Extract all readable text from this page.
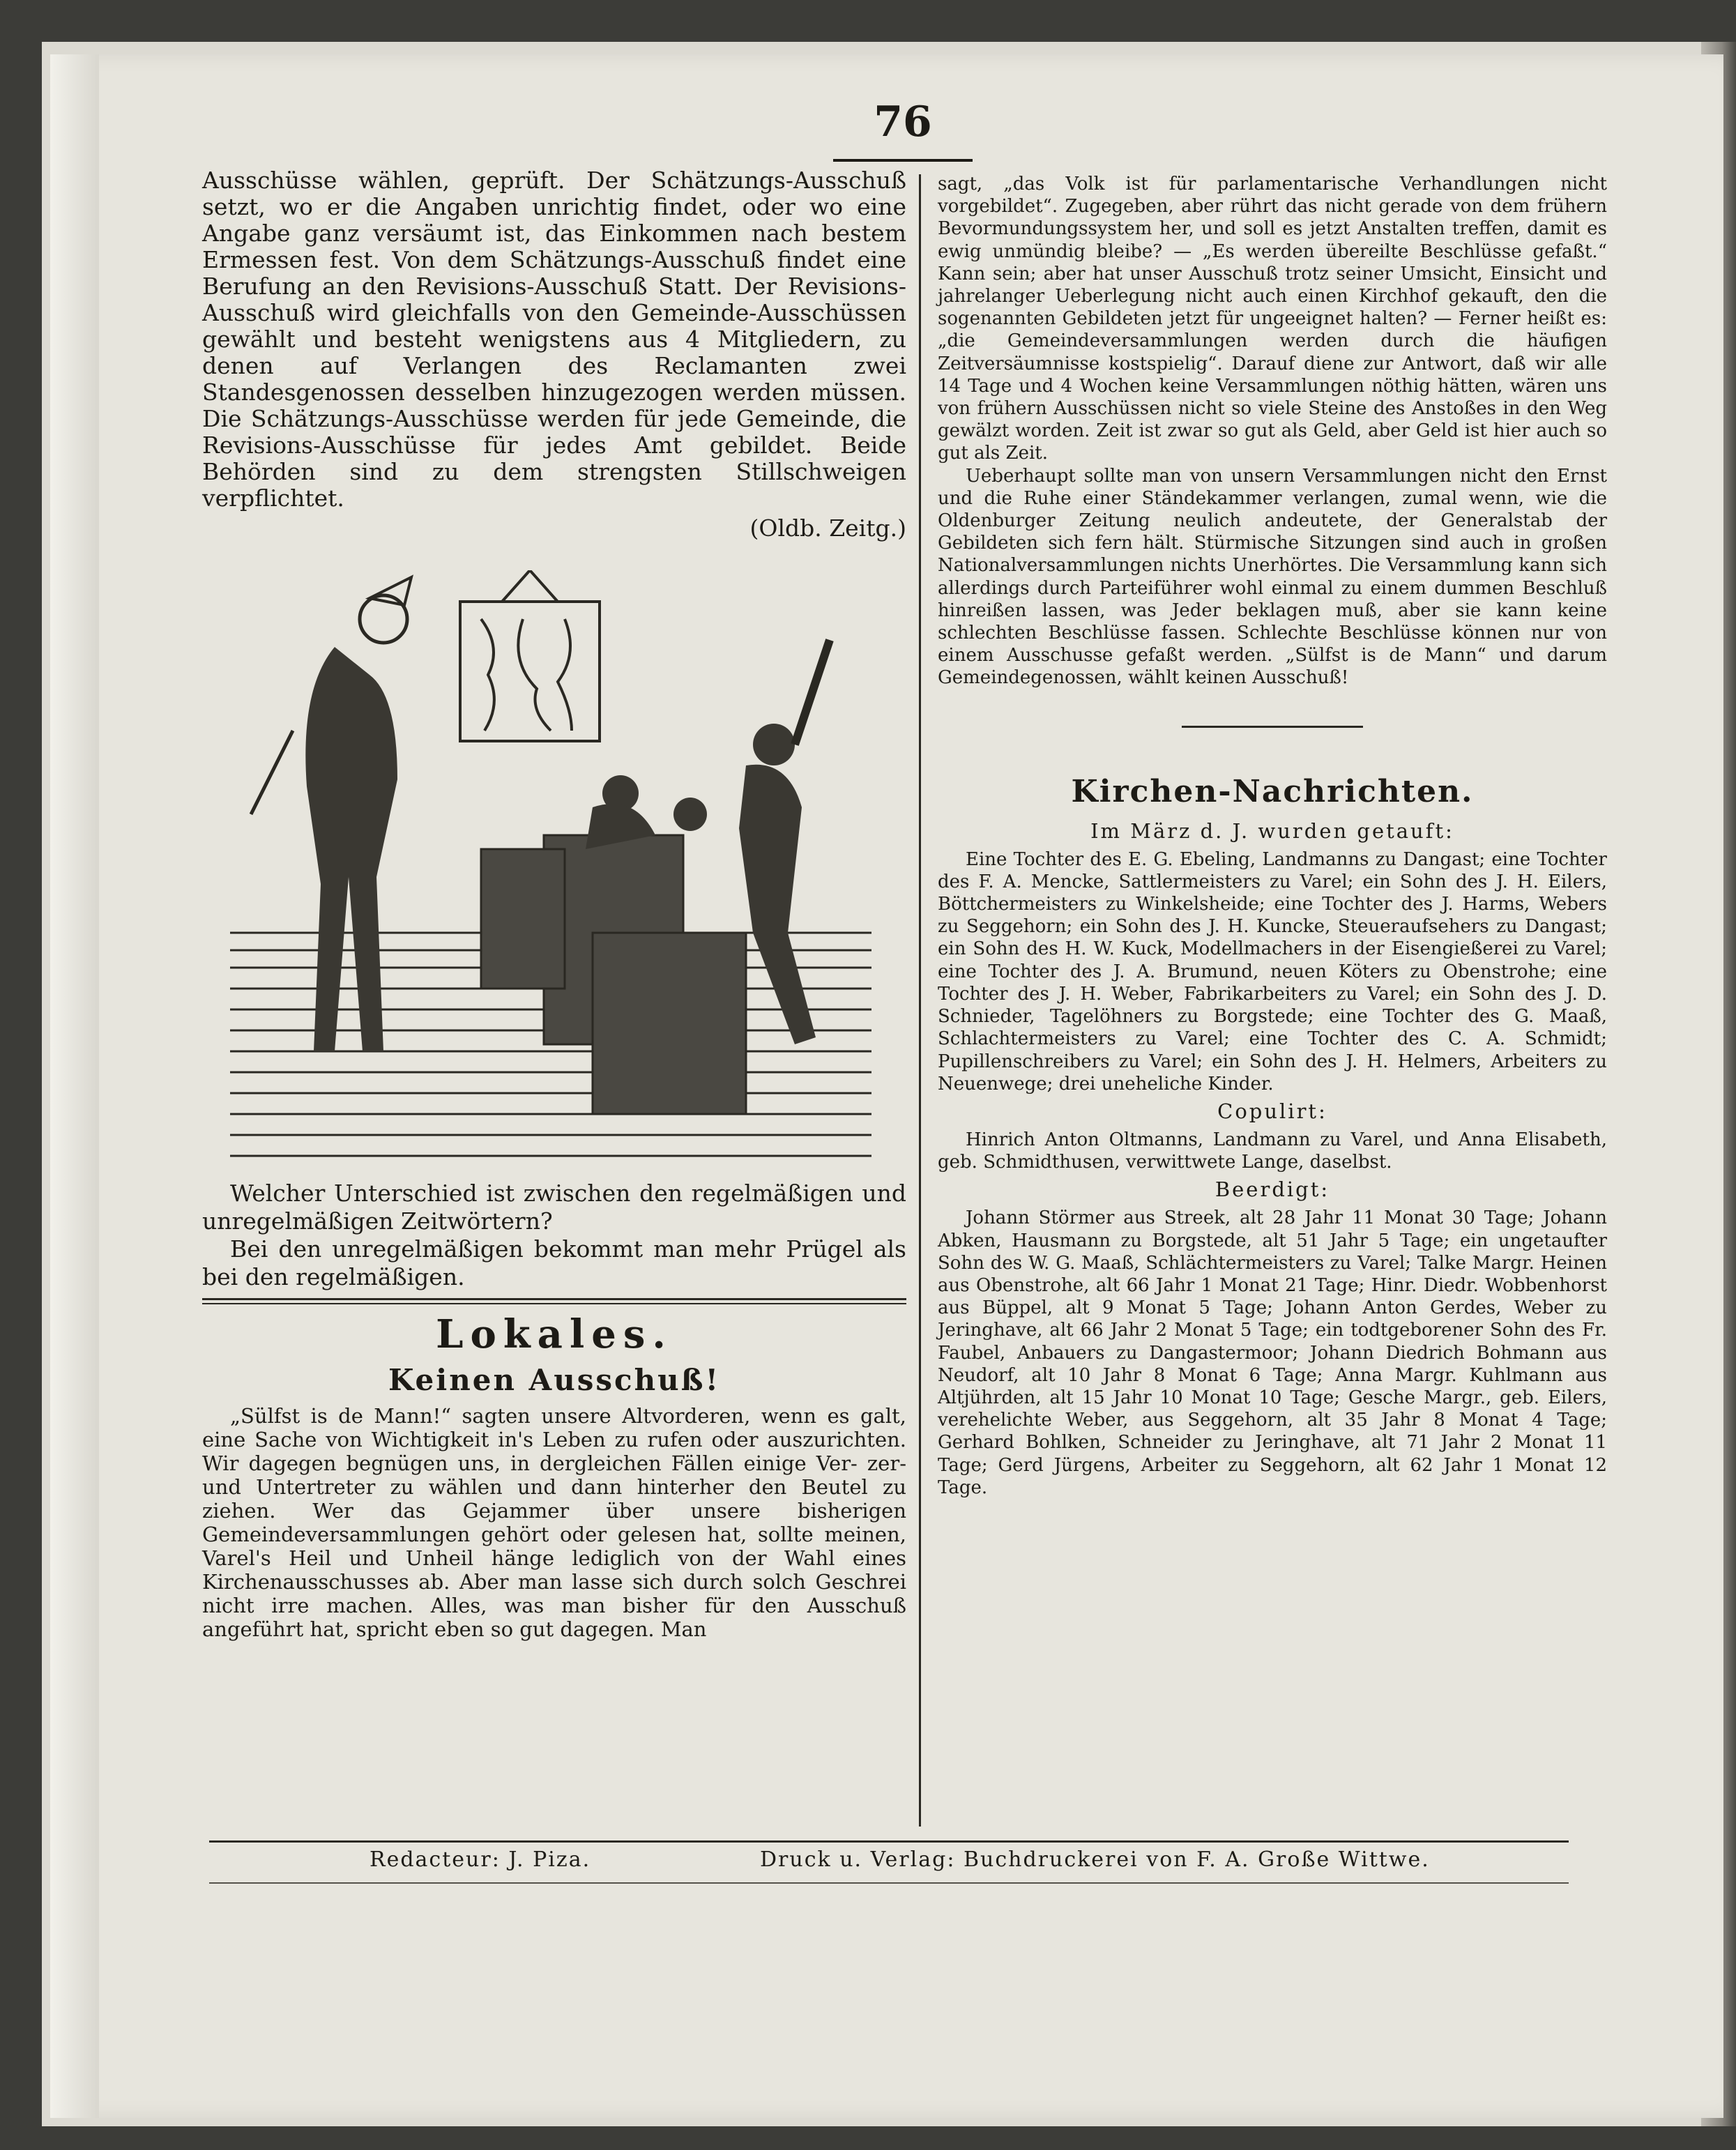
76

Ausschüsse wählen, geprüft. Der Schätzungs-Ausschuß setzt, wo er die Angaben unrichtig findet, oder wo eine Angabe ganz versäumt ist, das Einkommen nach bestem Ermessen fest. Von dem Schätzungs-Ausschuß findet eine Berufung an den Revisions-Ausschuß Statt. Der Revisions-Ausschuß wird gleichfalls von den Gemeinde-Ausschüssen gewählt und besteht wenigstens aus 4 Mitgliedern, zu denen auf Verlangen des Reclamanten zwei Standesgenossen desselben hinzugezogen werden müssen. Die Schätzungs-Ausschüsse werden für jede Gemeinde, die Revisions-Ausschüsse für jedes Amt gebildet. Beide Behörden sind zu dem strengsten Stillschweigen verpflichtet.

(Oldb. Zeitg.)

Welcher Unterschied ist zwischen den regelmäßigen und unregelmäßigen Zeitwörtern?

Bei den unregelmäßigen bekommt man mehr Prügel als bei den regelmäßigen.

Lokales.
Keinen Ausschuß!

„Sülfst is de Mann!“ sagten unsere Altvorderen, wenn es galt, eine Sache von Wichtigkeit in's Leben zu rufen oder auszurichten. Wir dagegen begnügen uns, in dergleichen Fällen einige Ver- zer- und Untertreter zu wählen und dann hinterher den Beutel zu ziehen. Wer das Gejammer über unsere bisherigen Gemeindeversammlungen gehört oder gelesen hat, sollte meinen, Varel's Heil und Unheil hänge lediglich von der Wahl eines Kirchenausschusses ab. Aber man lasse sich durch solch Geschrei nicht irre machen. Alles, was man bisher für den Ausschuß angeführt hat, spricht eben so gut dagegen. Man

sagt, „das Volk ist für parlamentarische Verhandlungen nicht vorgebildet“. Zugegeben, aber rührt das nicht gerade von dem frühern Bevormundungssystem her, und soll es jetzt Anstalten treffen, damit es ewig unmündig bleibe? — „Es werden übereilte Beschlüsse gefaßt.“ Kann sein; aber hat unser Ausschuß trotz seiner Umsicht, Einsicht und jahrelanger Ueberlegung nicht auch einen Kirchhof gekauft, den die sogenannten Gebildeten jetzt für ungeeignet halten? — Ferner heißt es: „die Gemeindeversammlungen werden durch die häufigen Zeitversäumnisse kostspielig“. Darauf diene zur Antwort, daß wir alle 14 Tage und 4 Wochen keine Versammlungen nöthig hätten, wären uns von frühern Ausschüssen nicht so viele Steine des Anstoßes in den Weg gewälzt worden. Zeit ist zwar so gut als Geld, aber Geld ist hier auch so gut als Zeit.

Ueberhaupt sollte man von unsern Versammlungen nicht den Ernst und die Ruhe einer Ständekammer verlangen, zumal wenn, wie die Oldenburger Zeitung neulich andeutete, der Generalstab der Gebildeten sich fern hält. Stürmische Sitzungen sind auch in großen Nationalversammlungen nichts Unerhörtes. Die Versammlung kann sich allerdings durch Parteiführer wohl einmal zu einem dummen Beschluß hinreißen lassen, was Jeder beklagen muß, aber sie kann keine schlechten Beschlüsse fassen. Schlechte Beschlüsse können nur von einem Ausschusse gefaßt werden. „Sülfst is de Mann“ und darum Gemeindegenossen, wählt keinen Ausschuß!

Kirchen-Nachrichten.
Im März d. J. wurden getauft:

Eine Tochter des E. G. Ebeling, Landmanns zu Dangast; eine Tochter des F. A. Mencke, Sattlermeisters zu Varel; ein Sohn des J. H. Eilers, Böttchermeisters zu Winkelsheide; eine Tochter des J. Harms, Webers zu Seggehorn; ein Sohn des J. H. Kuncke, Steueraufsehers zu Dangast; ein Sohn des H. W. Kuck, Modellmachers in der Eisengießerei zu Varel; eine Tochter des J. A. Brumund, neuen Köters zu Obenstrohe; eine Tochter des J. H. Weber, Fabrikarbeiters zu Varel; ein Sohn des J. D. Schnieder, Tagelöhners zu Borgstede; eine Tochter des G. Maaß, Schlachtermeisters zu Varel; eine Tochter des C. A. Schmidt; Pupillenschreibers zu Varel; ein Sohn des J. H. Helmers, Arbeiters zu Neuenwege; drei uneheliche Kinder.

Copulirt:

Hinrich Anton Oltmanns, Landmann zu Varel, und Anna Elisabeth, geb. Schmidthusen, verwittwete Lange, daselbst.

Beerdigt:

Johann Störmer aus Streek, alt 28 Jahr 11 Monat 30 Tage; Johann Abken, Hausmann zu Borgstede, alt 51 Jahr 5 Tage; ein ungetaufter Sohn des W. G. Maaß, Schlächtermeisters zu Varel; Talke Margr. Heinen aus Obenstrohe, alt 66 Jahr 1 Monat 21 Tage; Hinr. Diedr. Wobbenhorst aus Büppel, alt 9 Monat 5 Tage; Johann Anton Gerdes, Weber zu Jeringhave, alt 66 Jahr 2 Monat 5 Tage; ein todtgeborener Sohn des Fr. Faubel, Anbauers zu Dangastermoor; Johann Diedrich Bohmann aus Neudorf, alt 10 Jahr 8 Monat 6 Tage; Anna Margr. Kuhlmann aus Altjührden, alt 15 Jahr 10 Monat 10 Tage; Gesche Margr., geb. Eilers, verehelichte Weber, aus Seggehorn, alt 35 Jahr 8 Monat 4 Tage; Gerhard Bohlken, Schneider zu Jeringhave, alt 71 Jahr 2 Monat 11 Tage; Gerd Jürgens, Arbeiter zu Seggehorn, alt 62 Jahr 1 Monat 12 Tage.

Redacteur: J. Piza.	Druck u. Verlag: Buchdruckerei von F. A. Große Wittwe.
